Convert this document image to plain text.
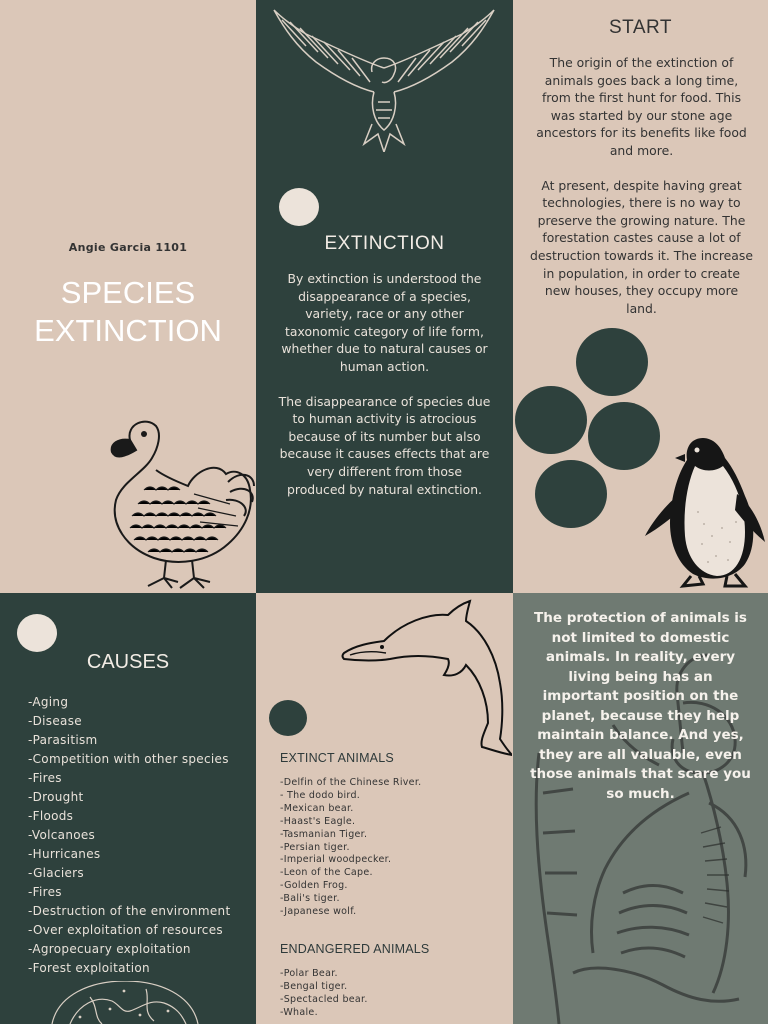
Angie Garcia 1101
SPECIES
EXTINCTION
EXTINCTION

By extinction is understood the disappearance of a species, variety, race or any other taxonomic category of life form, whether due to natural causes or human action.

The disappearance of species due to human activity is atrocious because of its number but also because it causes effects that are very different from those produced by natural extinction.

START

The origin of the extinction of animals goes back a long time, from the first hunt for food. This was started by our stone age ancestors for its benefits like food and more.

At present, despite having great technologies, there is no way to preserve the growing nature. The forestation castes cause a lot of destruction towards it. The increase in population, in order to create new houses, they occupy more land.

CAUSES
-Aging
-Disease
-Parasitism
-Competition with other species
-Fires
-Drought
-Floods
-Volcanoes
-Hurricanes
-Glaciers
-Fires
-Destruction of the environment
-Over exploitation of resources
-Agropecuary exploitation
-Forest exploitation
EXTINCT ANIMALS
-Delfin of the Chinese River.
- The dodo bird.
-Mexican bear.
-Haast's Eagle.
-Tasmanian Tiger.
-Persian tiger.
-Imperial woodpecker.
-Leon of the Cape.
-Golden Frog.
-Bali's tiger.
-Japanese wolf.
ENDANGERED ANIMALS
-Polar Bear.
-Bengal tiger.
-Spectacled bear.
-Whale.
The protection of animals is not limited to domestic animals. In reality, every living being has an important position on the planet, because they help maintain balance. And yes, they are all valuable, even those animals that scare you so much.
